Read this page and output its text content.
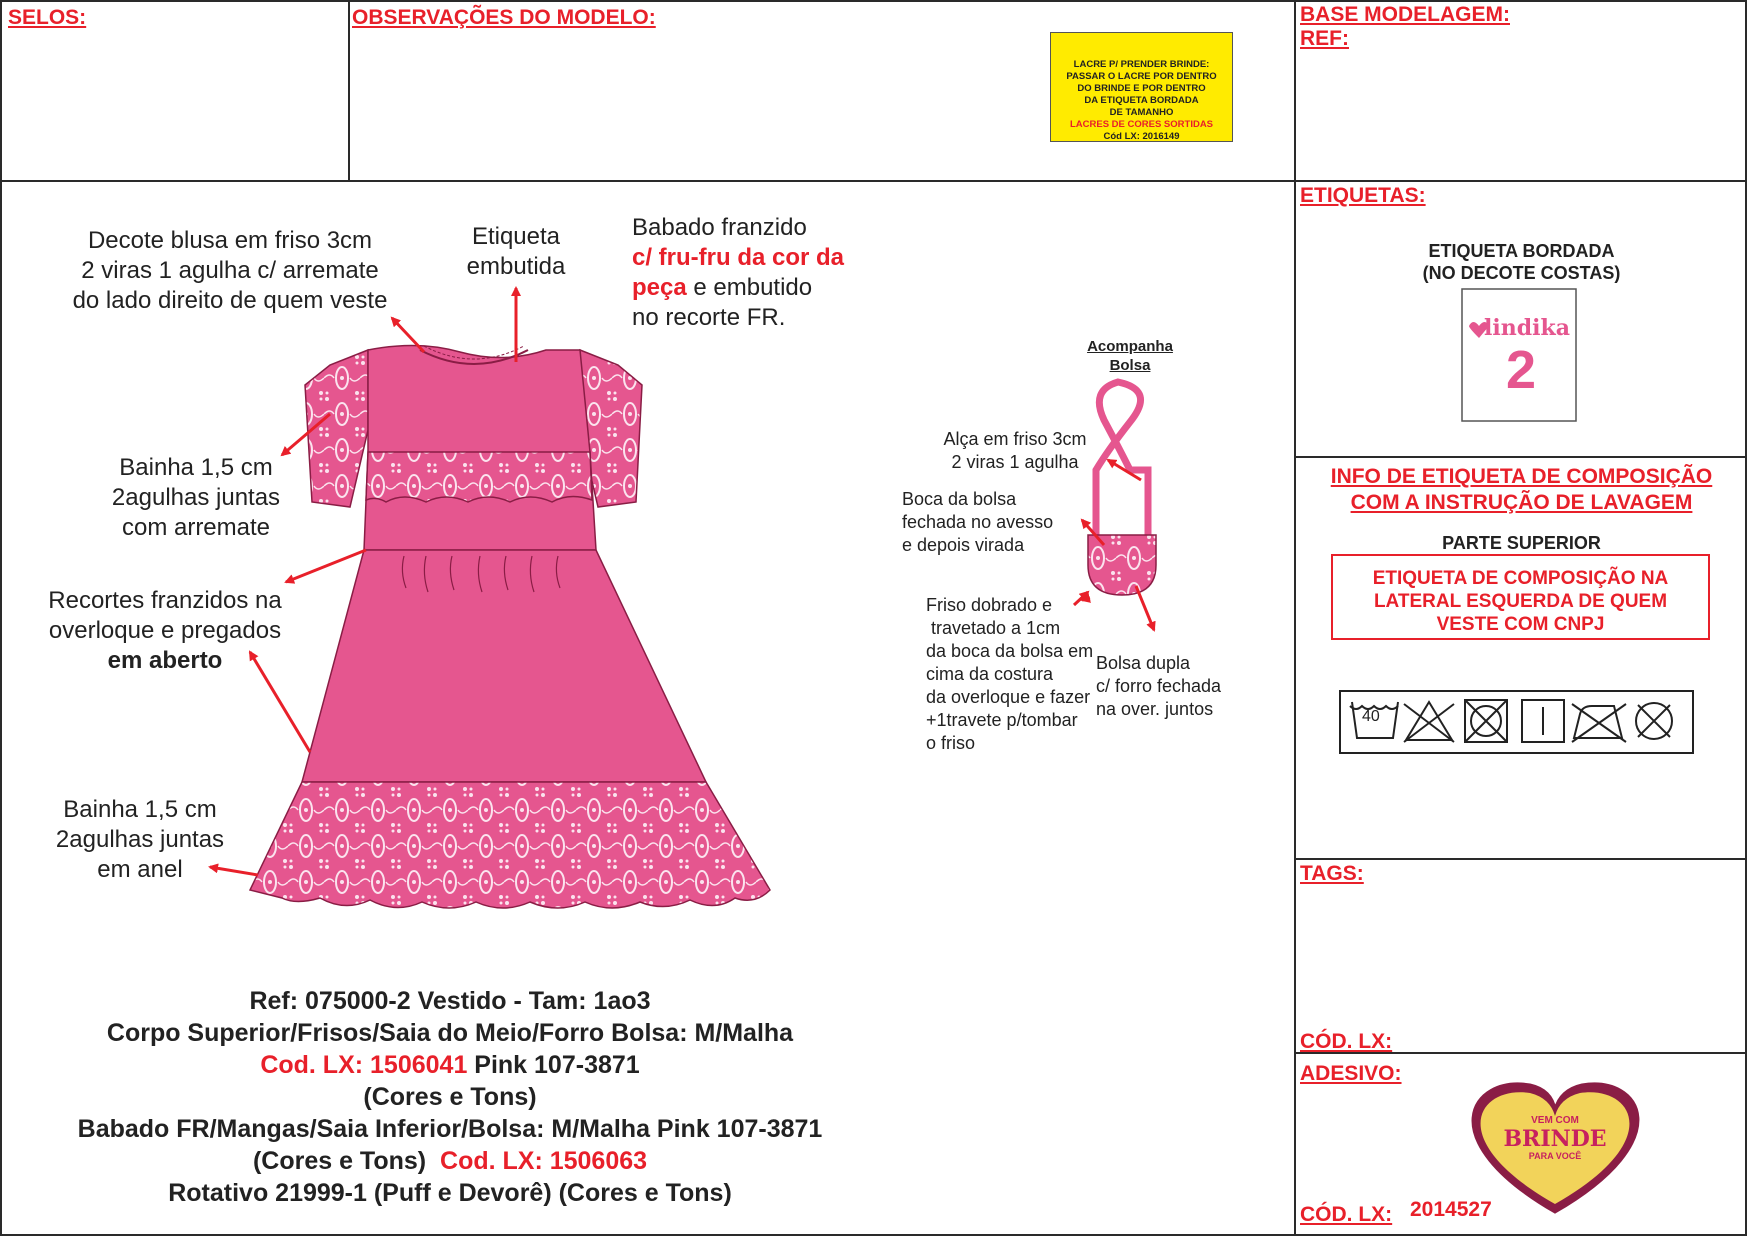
SELOS:	OBSERVAÇÕES DO MODELO:	BASE MODELAGEM:
REF:
LACRE P/ PRENDER BRINDE:
PASSAR O LACRE POR DENTRO
DO BRINDE E POR DENTRO
DA ETIQUETA BORDADA
DE TAMANHO
LACRES DE CORES SORTIDAS
Cód LX: 2016149
Decote blusa em friso 3cm
2 viras 1 agulha c/ arremate
do lado direito de quem veste
Etiqueta
embutida
Babado franzido
c/ fru-fru da cor da
peça e embutido
no recorte FR.
Bainha 1,5 cm
2agulhas juntas
com arremate
Recortes franzidos na
overloque e pregados
em aberto
Bainha 1,5 cm
2agulhas juntas
em anel
Acompanha
Bolsa
Alça em friso 3cm
2 viras 1 agulha
Boca da bolsa
fechada no avesso
e depois virada
Friso dobrado e
travetado a 1cm
da boca da bolsa em
cima da costura
da overloque e fazer
+1travete p/tombar
o friso
Bolsa dupla
c/ forro fechada
na over. juntos
Ref: 075000-2 Vestido - Tam: 1ao3
Corpo Superior/Frisos/Saia do Meio/Forro Bolsa: M/Malha
Cod. LX: 1506041 Pink 107-3871
(Cores e Tons)
Babado FR/Mangas/Saia Inferior/Bolsa: M/Malha Pink 107-3871
(Cores e Tons)  Cod. LX: 1506063
Rotativo 21999-1 (Puff e Devorê) (Cores e Tons)
ETIQUETAS:
ETIQUETA BORDADA
(NO DECOTE COSTAS)
lindika
2
INFO DE ETIQUETA DE COMPOSIÇÃO
COM A INSTRUÇÃO DE LAVAGEM
PARTE SUPERIOR
ETIQUETA DE COMPOSIÇÃO NA
LATERAL ESQUERDA DE QUEM
VESTE COM CNPJ
40
TAGS:
CÓD. LX:
ADESIVO:
CÓD. LX: 2014527
VEM COM
BRINDE
PARA VOCÊ
